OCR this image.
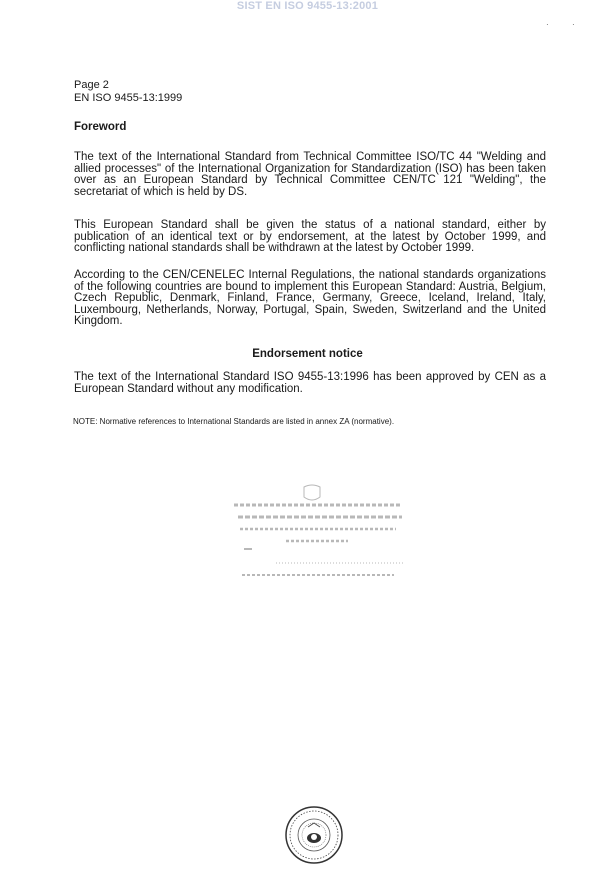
SIST EN ISO 9455-13:2001
·	·
Page 2
EN ISO 9455-13:1999
Foreword
The text of the International Standard from Technical Committee ISO/TC 44 "Welding and allied processes" of the International Organization for Standardization (ISO) has been taken over as an European Standard by Technical Committee CEN/TC 121 "Welding", the secretariat of which is held by DS.
This European Standard shall be given the status of a national standard, either by publication of an identical text or by endorsement, at the latest by October 1999, and conflicting national standards shall be withdrawn at the latest by October 1999.
According to the CEN/CENELEC Internal Regulations, the national standards organizations of the following countries are bound to implement this European Standard: Austria, Belgium, Czech Republic, Denmark, Finland, France, Germany, Greece, Iceland, Ireland, Italy, Luxembourg, Netherlands, Norway, Portugal, Spain, Sweden, Switzerland and the United Kingdom.
Endorsement notice
The text of the International Standard ISO 9455-13:1996 has been approved by CEN as a European Standard without any modification.
NOTE: Normative references to International Standards are listed in annex ZA (normative).
